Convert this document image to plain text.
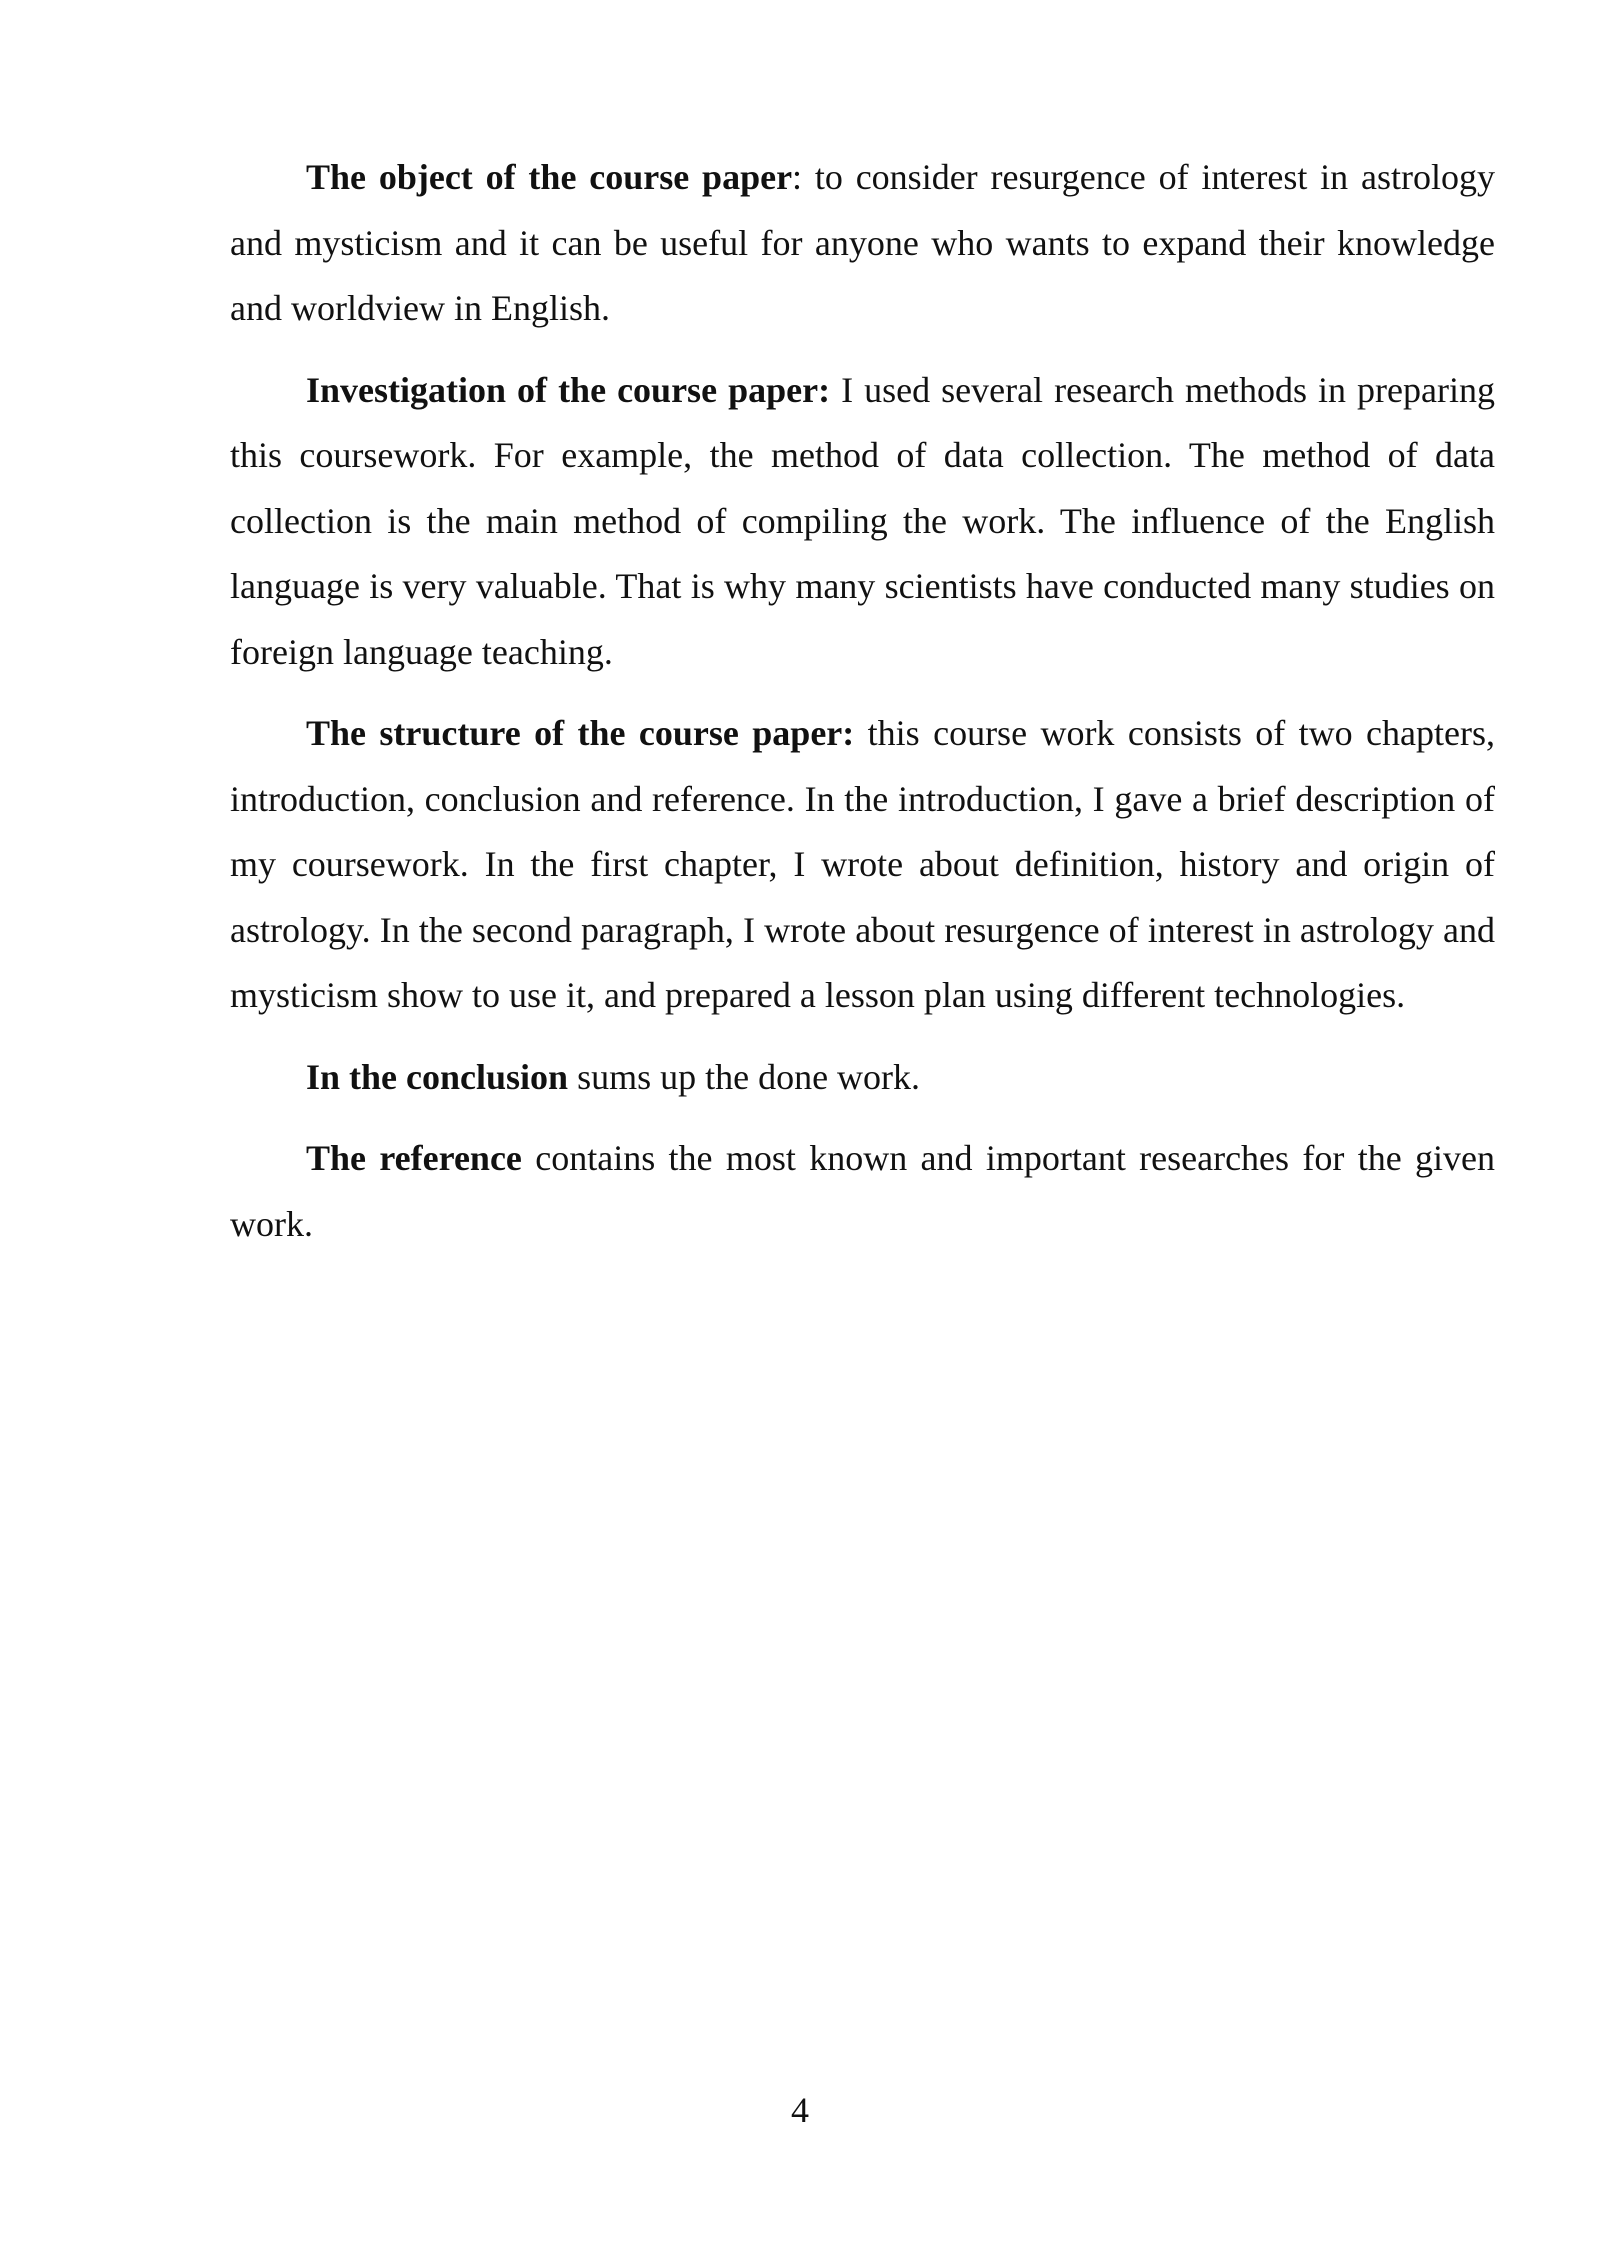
The object of the course paper: to consider resurgence of interest in astrology and mysticism and it can be useful for anyone who wants to expand their knowledge and worldview in English.

Investigation of the course paper: I used several research methods in preparing this coursework. For example, the method of data collection. The method of data collection is the main method of compiling the work. The influence of the English language is very valuable. That is why many scientists have conducted many studies on foreign language teaching.

The structure of the course paper: this course work consists of two chapters, introduction, conclusion and reference. In the introduction, I gave a brief description of my coursework. In the first chapter, I wrote about definition, history and origin of astrology. In the second paragraph, I wrote about resurgence of interest in astrology and mysticism show to use it, and prepared a lesson plan using different technologies.

In the conclusion sums up the done work.

The reference contains the most known and important researches for the given work.

4
